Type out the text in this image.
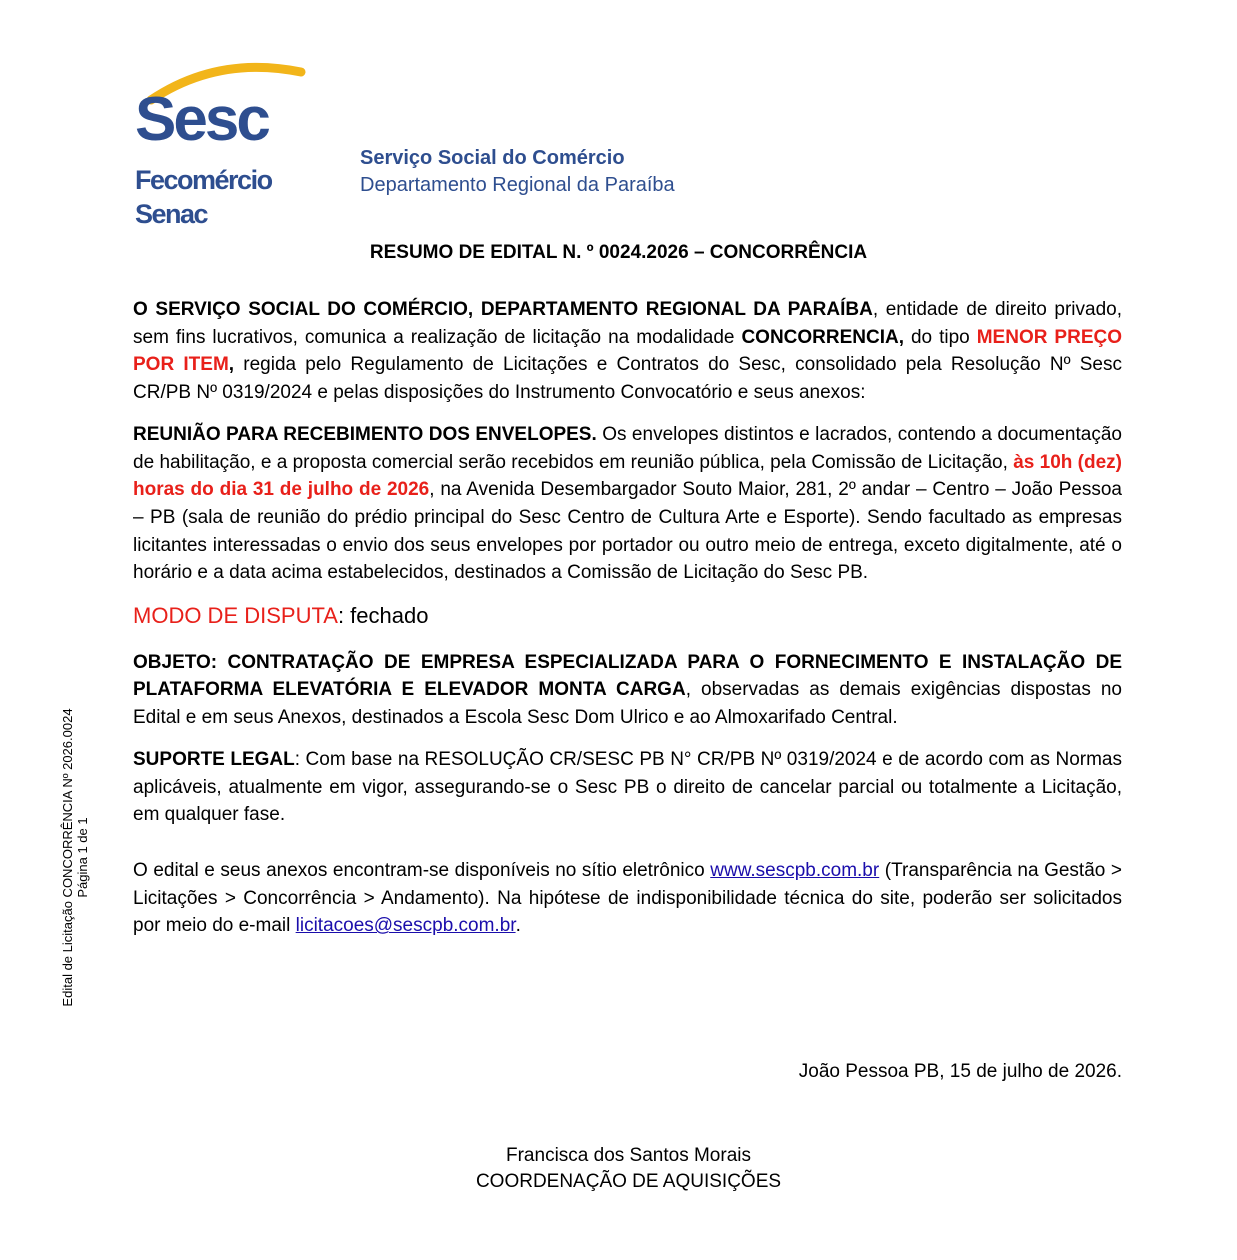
Sesc
Fecomércio
Senac
Serviço Social do Comércio
Departamento Regional da Paraíba
RESUMO DE EDITAL N. º 0024.2026 – CONCORRÊNCIA

O SERVIÇO SOCIAL DO COMÉRCIO, DEPARTAMENTO REGIONAL DA PARAÍBA, entidade de direito privado, sem fins lucrativos, comunica a realização de licitação na modalidade CONCORRENCIA, do tipo MENOR PREÇO POR ITEM, regida pelo Regulamento de Licitações e Contratos do Sesc, consolidado pela Resolução Nº Sesc CR/PB Nº 0319/2024 e pelas disposições do Instrumento Convocatório e seus anexos:

REUNIÃO PARA RECEBIMENTO DOS ENVELOPES. Os envelopes distintos e lacrados, contendo a documentação de habilitação, e a proposta comercial serão recebidos em reunião pública, pela Comissão de Licitação, às 10h (dez) horas do dia 31 de julho de 2026, na Avenida Desembargador Souto Maior, 281, 2º andar – Centro – João Pessoa – PB (sala de reunião do prédio principal do Sesc Centro de Cultura Arte e Esporte). Sendo facultado as empresas licitantes interessadas o envio dos seus envelopes por portador ou outro meio de entrega, exceto digitalmente, até o horário e a data acima estabelecidos, destinados a Comissão de Licitação do Sesc PB.

MODO DE DISPUTA: fechado

OBJETO: CONTRATAÇÃO DE EMPRESA ESPECIALIZADA PARA O FORNECIMENTO E INSTALAÇÃO DE PLATAFORMA ELEVATÓRIA E ELEVADOR MONTA CARGA, observadas as demais exigências dispostas no Edital e em seus Anexos, destinados a Escola Sesc Dom Ulrico e ao Almoxarifado Central.

SUPORTE LEGAL: Com base na RESOLUÇÃO CR/SESC PB N° CR/PB Nº 0319/2024 e de acordo com as Normas aplicáveis, atualmente em vigor, assegurando-se o Sesc PB o direito de cancelar parcial ou totalmente a Licitação, em qualquer fase.

O edital e seus anexos encontram-se disponíveis no sítio eletrônico www.sescpb.com.br (Transparência na Gestão > Licitações > Concorrência > Andamento). Na hipótese de indisponibilidade técnica do site, poderão ser solicitados por meio do e-mail licitacoes@sescpb.com.br.

João Pessoa PB, 15 de julho de 2026.
Francisca dos Santos Morais
COORDENAÇÃO DE AQUISIÇÕES
Edital de Licitação CONCORRÊNCIA Nº 2026.0024 Página 1 de 1
